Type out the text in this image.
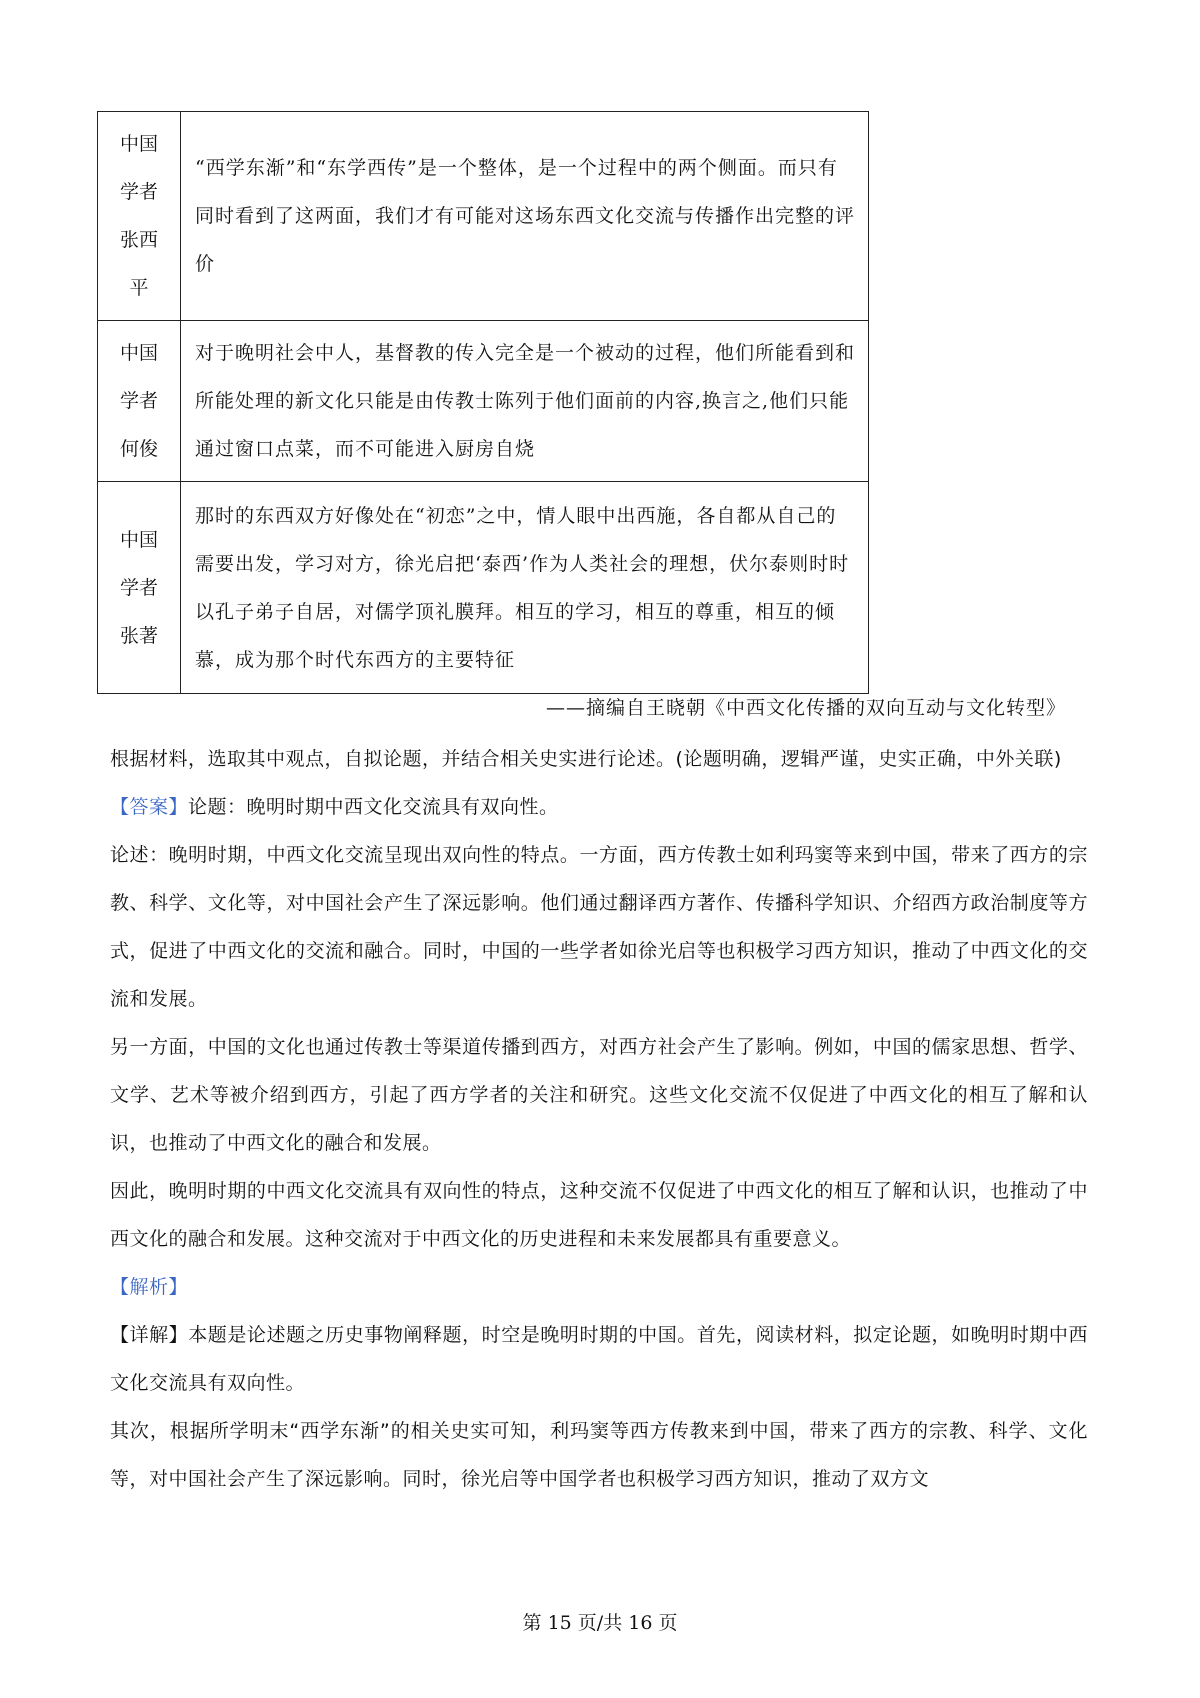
中国
学者
张西
平	“西学东渐”和“东学西传”是一个整体，是一个过程中的两个侧面。而只有同时看到了这两面，我们才有可能对这场东西文化交流与传播作出完整的评价

中国
学者
何俊	对于晚明社会中人，基督教的传入完全是一个被动的过程，他们所能看到和所能处理的新文化只能是由传教士陈列于他们面前的内容,换言之,他们只能通过窗口点菜，而不可能进入厨房自烧

中国
学者
张著	那时的东西双方好像处在“初恋”之中，情人眼中出西施，各自都从自己的需要出发，学习对方，徐光启把‘泰西’作为人类社会的理想，伏尔泰则时时以孔子弟子自居，对儒学顶礼膜拜。相互的学习，相互的尊重，相互的倾慕，成为那个时代东西方的主要特征
——摘编自王晓朝《中西文化传播的双向互动与文化转型》

根据材料，选取其中观点，自拟论题，并结合相关史实进行论述。(论题明确，逻辑严谨，史实正确，中外关联)

【答案】论题：晚明时期中西文化交流具有双向性。

论述：晚明时期，中西文化交流呈现出双向性的特点。一方面，西方传教士如利玛窦等来到中国，带来了西方的宗教、科学、文化等，对中国社会产生了深远影响。他们通过翻译西方著作、传播科学知识、介绍西方政治制度等方式，促进了中西文化的交流和融合。同时，中国的一些学者如徐光启等也积极学习西方知识，推动了中西文化的交流和发展。

另一方面，中国的文化也通过传教士等渠道传播到西方，对西方社会产生了影响。例如，中国的儒家思想、哲学、文学、艺术等被介绍到西方，引起了西方学者的关注和研究。这些文化交流不仅促进了中西文化的相互了解和认识，也推动了中西文化的融合和发展。

因此，晚明时期的中西文化交流具有双向性的特点，这种交流不仅促进了中西文化的相互了解和认识，也推动了中西文化的融合和发展。这种交流对于中西文化的历史进程和未来发展都具有重要意义。

【解析】

【详解】本题是论述题之历史事物阐释题，时空是晚明时期的中国。首先，阅读材料，拟定论题，如晚明时期中西文化交流具有双向性。

其次，根据所学明末“西学东渐”的相关史实可知，利玛窦等西方传教来到中国，带来了西方的宗教、科学、文化等，对中国社会产生了深远影响。同时，徐光启等中国学者也积极学习西方知识，推动了双方文

第 15 页/共 16 页
